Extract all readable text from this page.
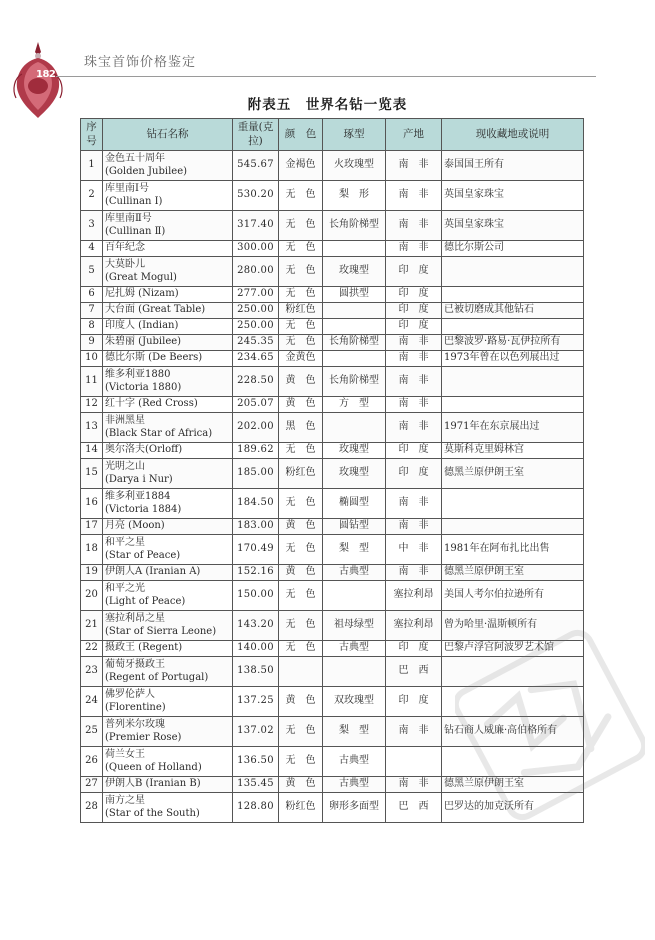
182
珠宝首饰价格鉴定
附表五　世界名钻一览表
序号	钻石名称	重量(克拉)	颜　色	琢型	产地	现收藏地或说明
1	金色五十周年
(Golden Jubilee)	545.67	金褐色	火玫瑰型	南　非	泰国国王所有
2	库里南Ⅰ号
(Cullinan Ⅰ)	530.20	无　色	梨　形	南　非	英国皇家珠宝
3	库里南Ⅱ号
(Cullinan Ⅱ)	317.40	无　色	长角阶梯型	南　非	英国皇家珠宝
4	百年纪念	300.00	无　色		南　非	德比尔斯公司
5	大莫卧儿
(Great Mogul)	280.00	无　色	玫瑰型	印　度	
6	尼扎姆 (Nizam)	277.00	无　色	圆拱型	印　度	
7	大台面 (Great Table)	250.00	粉红色		印　度	已被切磨成其他钻石
8	印度人 (Indian)	250.00	无　色		印　度	
9	朱碧丽 (Jubilee)	245.35	无　色	长角阶梯型	南　非	巴黎波罗·路易·瓦伊拉所有
10	德比尔斯 (De Beers)	234.65	金黄色		南　非	1973年曾在以色列展出过
11	维多利亚1880
(Victoria 1880)	228.50	黄　色	长角阶梯型	南　非	
12	红十字 (Red Cross)	205.07	黄　色	方　型	南　非	
13	非洲黑星
(Black Star of Africa)	202.00	黑　色		南　非	1971年在东京展出过
14	奥尔洛夫(Orloff)	189.62	无　色	玫瑰型	印　度	莫斯科克里姆林宫
15	光明之山
(Darya i Nur)	185.00	粉红色	玫瑰型	印　度	德黑兰原伊朗王室
16	维多利亚1884
(Victoria 1884)	184.50	无　色	椭圆型	南　非	
17	月亮 (Moon)	183.00	黄　色	圆钻型	南　非	
18	和平之星
(Star of Peace)	170.49	无　色	梨　型	中　非	1981年在阿布扎比出售
19	伊朗人A (Iranian A)	152.16	黄　色	古典型	南　非	德黑兰原伊朗王室
20	和平之光
(Light of Peace)	150.00	无　色		塞拉利昂	美国人考尔伯拉逊所有
21	塞拉利昂之星
(Star of Sierra Leone)	143.20	无　色	祖母绿型	塞拉利昂	曾为哈里·温斯顿所有
22	摄政王 (Regent)	140.00	无　色	古典型	印　度	巴黎卢浮宫阿波罗艺术馆
23	葡萄牙摄政王
(Regent of Portugal)	138.50			巴　西	
24	佛罗伦萨人
(Florentine)	137.25	黄　色	双玫瑰型	印　度	
25	普列米尔玫瑰
(Premier Rose)	137.02	无　色	梨　型	南　非	钻石商人威廉·高伯格所有
26	荷兰女王
(Queen of Holland)	136.50	无　色	古典型		
27	伊朗人B (Iranian B)	135.45	黄　色	古典型	南　非	德黑兰原伊朗王室
28	南方之星
(Star of the South)	128.80	粉红色	卵形多面型	巴　西	巴罗达的加克沃所有
